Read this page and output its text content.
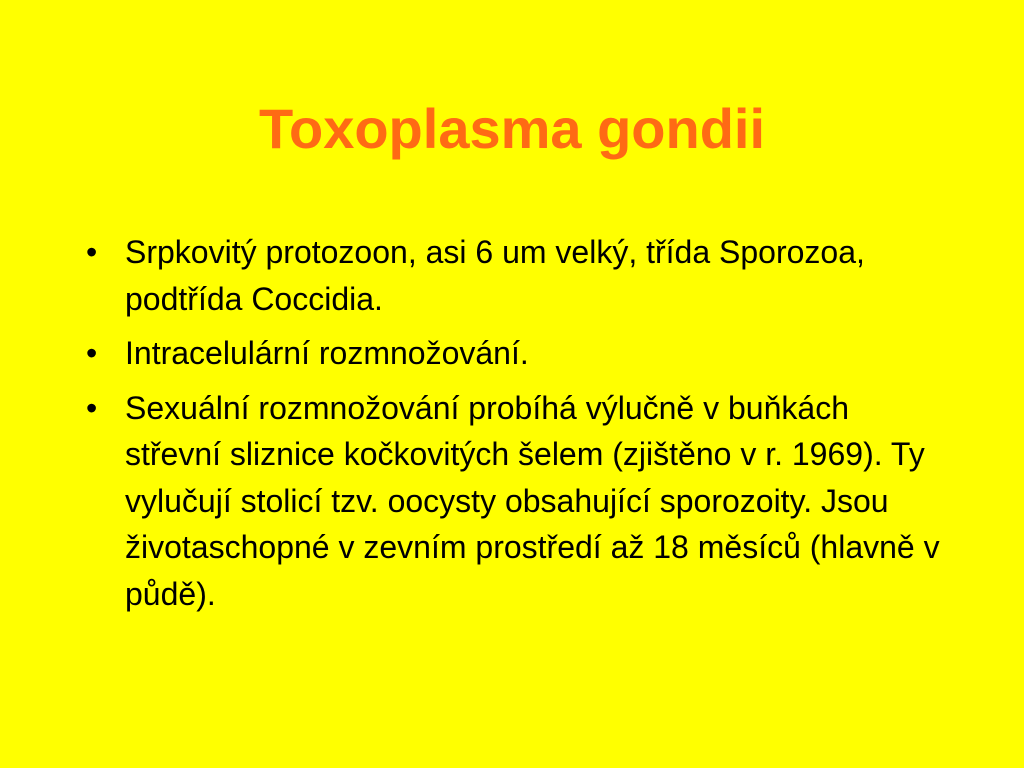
Toxoplasma gondii
• Srpkovitý protozoon, asi 6 um velký, třída Sporozoa, podtřída Coccidia.
• Intracelulární rozmnožování.
• Sexuální rozmnožování probíhá výlučně v buňkách střevní sliznice kočkovitých šelem (zjištěno v r. 1969). Ty vylučují stolicí tzv. oocysty obsahující sporozoity. Jsou životaschopné v zevním prostředí až 18 měsíců (hlavně v půdě).
